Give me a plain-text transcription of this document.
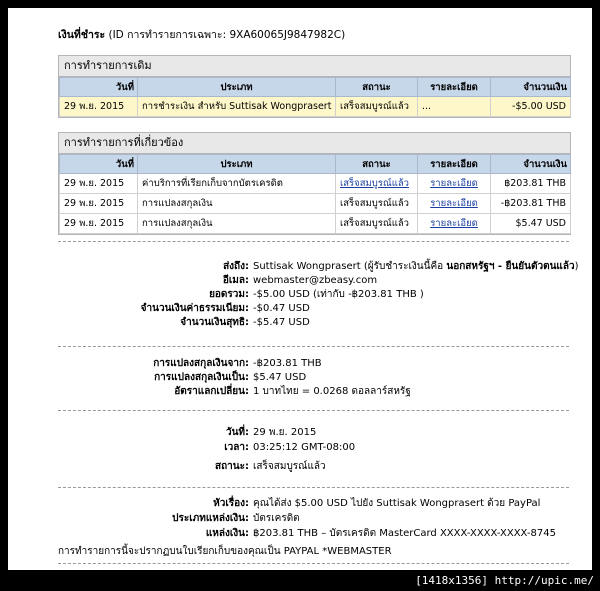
เงินที่ชำระ (ID การทำรายการเฉพาะ: 9XA60065J9847982C)
การทำรายการเดิม
วันที่	ประเภท	สถานะ	รายละเอียด	จำนวนเงิน
29 พ.ย. 2015	การชำระเงิน สำหรับ Suttisak Wongprasert	เสร็จสมบูรณ์แล้ว	...	-$5.00 USD
การทำรายการที่เกี่ยวข้อง
วันที่	ประเภท	สถานะ	รายละเอียด	จำนวนเงิน
29 พ.ย. 2015	ค่าบริการที่เรียกเก็บจากบัตรเครดิต	เสร็จสมบูรณ์แล้ว	รายละเอียด	฿203.81 THB
29 พ.ย. 2015	การแปลงสกุลเงิน	เสร็จสมบูรณ์แล้ว	รายละเอียด	-฿203.81 THB
29 พ.ย. 2015	การแปลงสกุลเงิน	เสร็จสมบูรณ์แล้ว	รายละเอียด	$5.47 USD
ส่งถึง: Suttisak Wongprasert (ผู้รับชำระเงินนี้คือ นอกสหรัฐฯ - ยืนยันตัวตนแล้ว)
อีเมล: webmaster@zbeasy.com
ยอดรวม: -$5.00 USD (เท่ากับ -฿203.81 THB )
จำนวนเงินค่าธรรมเนียม: -$0.47 USD
จำนวนเงินสุทธิ: -$5.47 USD
การแปลงสกุลเงินจาก: -฿203.81 THB
การแปลงสกุลเงินเป็น: $5.47 USD
อัตราแลกเปลี่ยน: 1 บาทไทย = 0.0268 ดอลลาร์สหรัฐ
วันที่: 29 พ.ย. 2015
เวลา: 03:25:12 GMT-08:00
สถานะ: เสร็จสมบูรณ์แล้ว
หัวเรื่อง: คุณได้ส่ง $5.00 USD ไปยัง Suttisak Wongprasert ด้วย PayPal
ประเภทแหล่งเงิน: บัตรเครดิต
แหล่งเงิน: ฿203.81 THB – บัตรเครดิต MasterCard XXXX-XXXX-XXXX-8745
การทำรายการนี้จะปรากฏบนใบเรียกเก็บของคุณเป็น PAYPAL *WEBMASTER
[1418x1356] http://upic.me/
